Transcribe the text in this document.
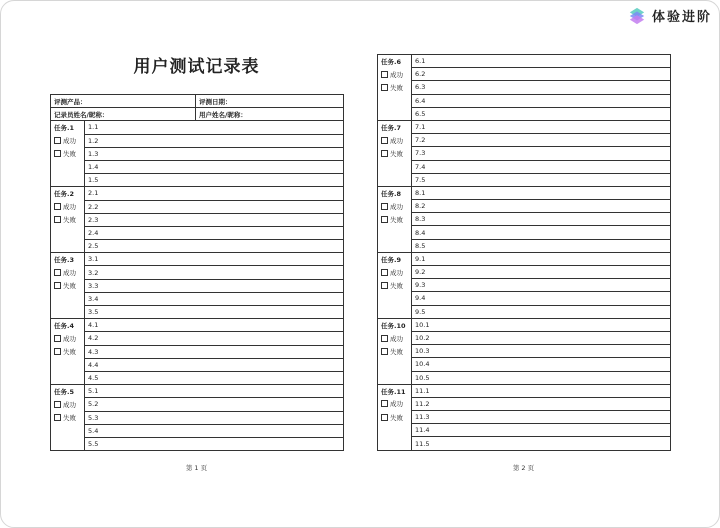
体验进阶
用户测试记录表
评测产品：		评测日期：
记录员姓名/昵称：		用户姓名/昵称：
任务.1	1.1	
成功	1.2	
失败	1.3	
	1.4	
	1.5	
任务.2	2.1	
成功	2.2	
失败	2.3	
	2.4	
	2.5	
任务.3	3.1	
成功	3.2	
失败	3.3	
	3.4	
	3.5	
任务.4	4.1	
成功	4.2	
失败	4.3	
	4.4	
	4.5	
任务.5	5.1	
成功	5.2	
失败	5.3	
	5.4	
	5.5	
第 1 页
任务.6	6.1
成功	6.2
失败	6.3
	6.4
	6.5
任务.7	7.1
成功	7.2
失败	7.3
	7.4
	7.5
任务.8	8.1
成功	8.2
失败	8.3
	8.4
	8.5
任务.9	9.1
成功	9.2
失败	9.3
	9.4
	9.5
任务.10	10.1
成功	10.2
失败	10.3
	10.4
	10.5
任务.11	11.1
成功	11.2
失败	11.3
	11.4
	11.5
第 2 页
